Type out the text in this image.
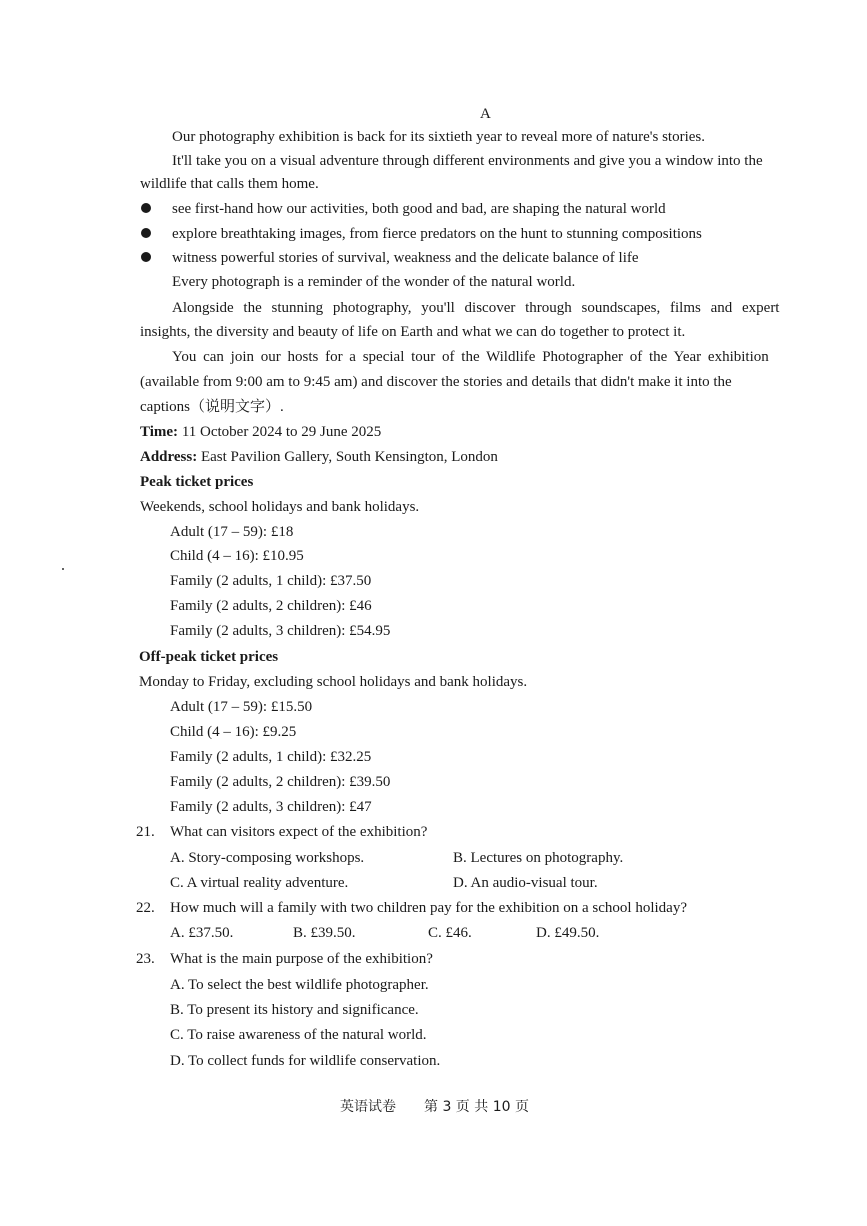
A
Our photography exhibition is back for its sixtieth year to reveal more of nature's stories.
It'll take you on a visual adventure through different environments and give you a window into the
wildlife that calls them home.
see first-hand how our activities, both good and bad, are shaping the natural world
explore breathtaking images, from fierce predators on the hunt to stunning compositions
witness powerful stories of survival, weakness and the delicate balance of life
Every photograph is a reminder of the wonder of the natural world.
Alongside the stunning photography, you'll discover through soundscapes, films and expert
insights, the diversity and beauty of life on Earth and what we can do together to protect it.
You can join our hosts for a special tour of the Wildlife Photographer of the Year exhibition
(available from 9:00 am to 9:45 am) and discover the stories and details that didn't make it into the
captions（说明文字）.
Time: 11 October 2024 to 29 June 2025
Address: East Pavilion Gallery, South Kensington, London
Peak ticket prices
Weekends, school holidays and bank holidays.
Adult (17 – 59): £18
Child (4 – 16): £10.95
Family (2 adults, 1 child): £37.50
Family (2 adults, 2 children): £46
Family (2 adults, 3 children): £54.95
Off-peak ticket prices
Monday to Friday, excluding school holidays and bank holidays.
Adult (17 – 59): £15.50
Child (4 – 16): £9.25
Family (2 adults, 1 child): £32.25
Family (2 adults, 2 children): £39.50
Family (2 adults, 3 children): £47
21. What can visitors expect of the exhibition?
A. Story-composing workshops.	B. Lectures on photography.
C. A virtual reality adventure.	D. An audio-visual tour.
22. How much will a family with two children pay for the exhibition on a school holiday?
A. £37.50.	B. £39.50.	C. £46.	D. £49.50.
23. What is the main purpose of the exhibition?
A. To select the best wildlife photographer.
B. To present its history and significance.
C. To raise awareness of the natural world.
D. To collect funds for wildlife conservation.
英语试卷　　第 3 页 共 10 页
